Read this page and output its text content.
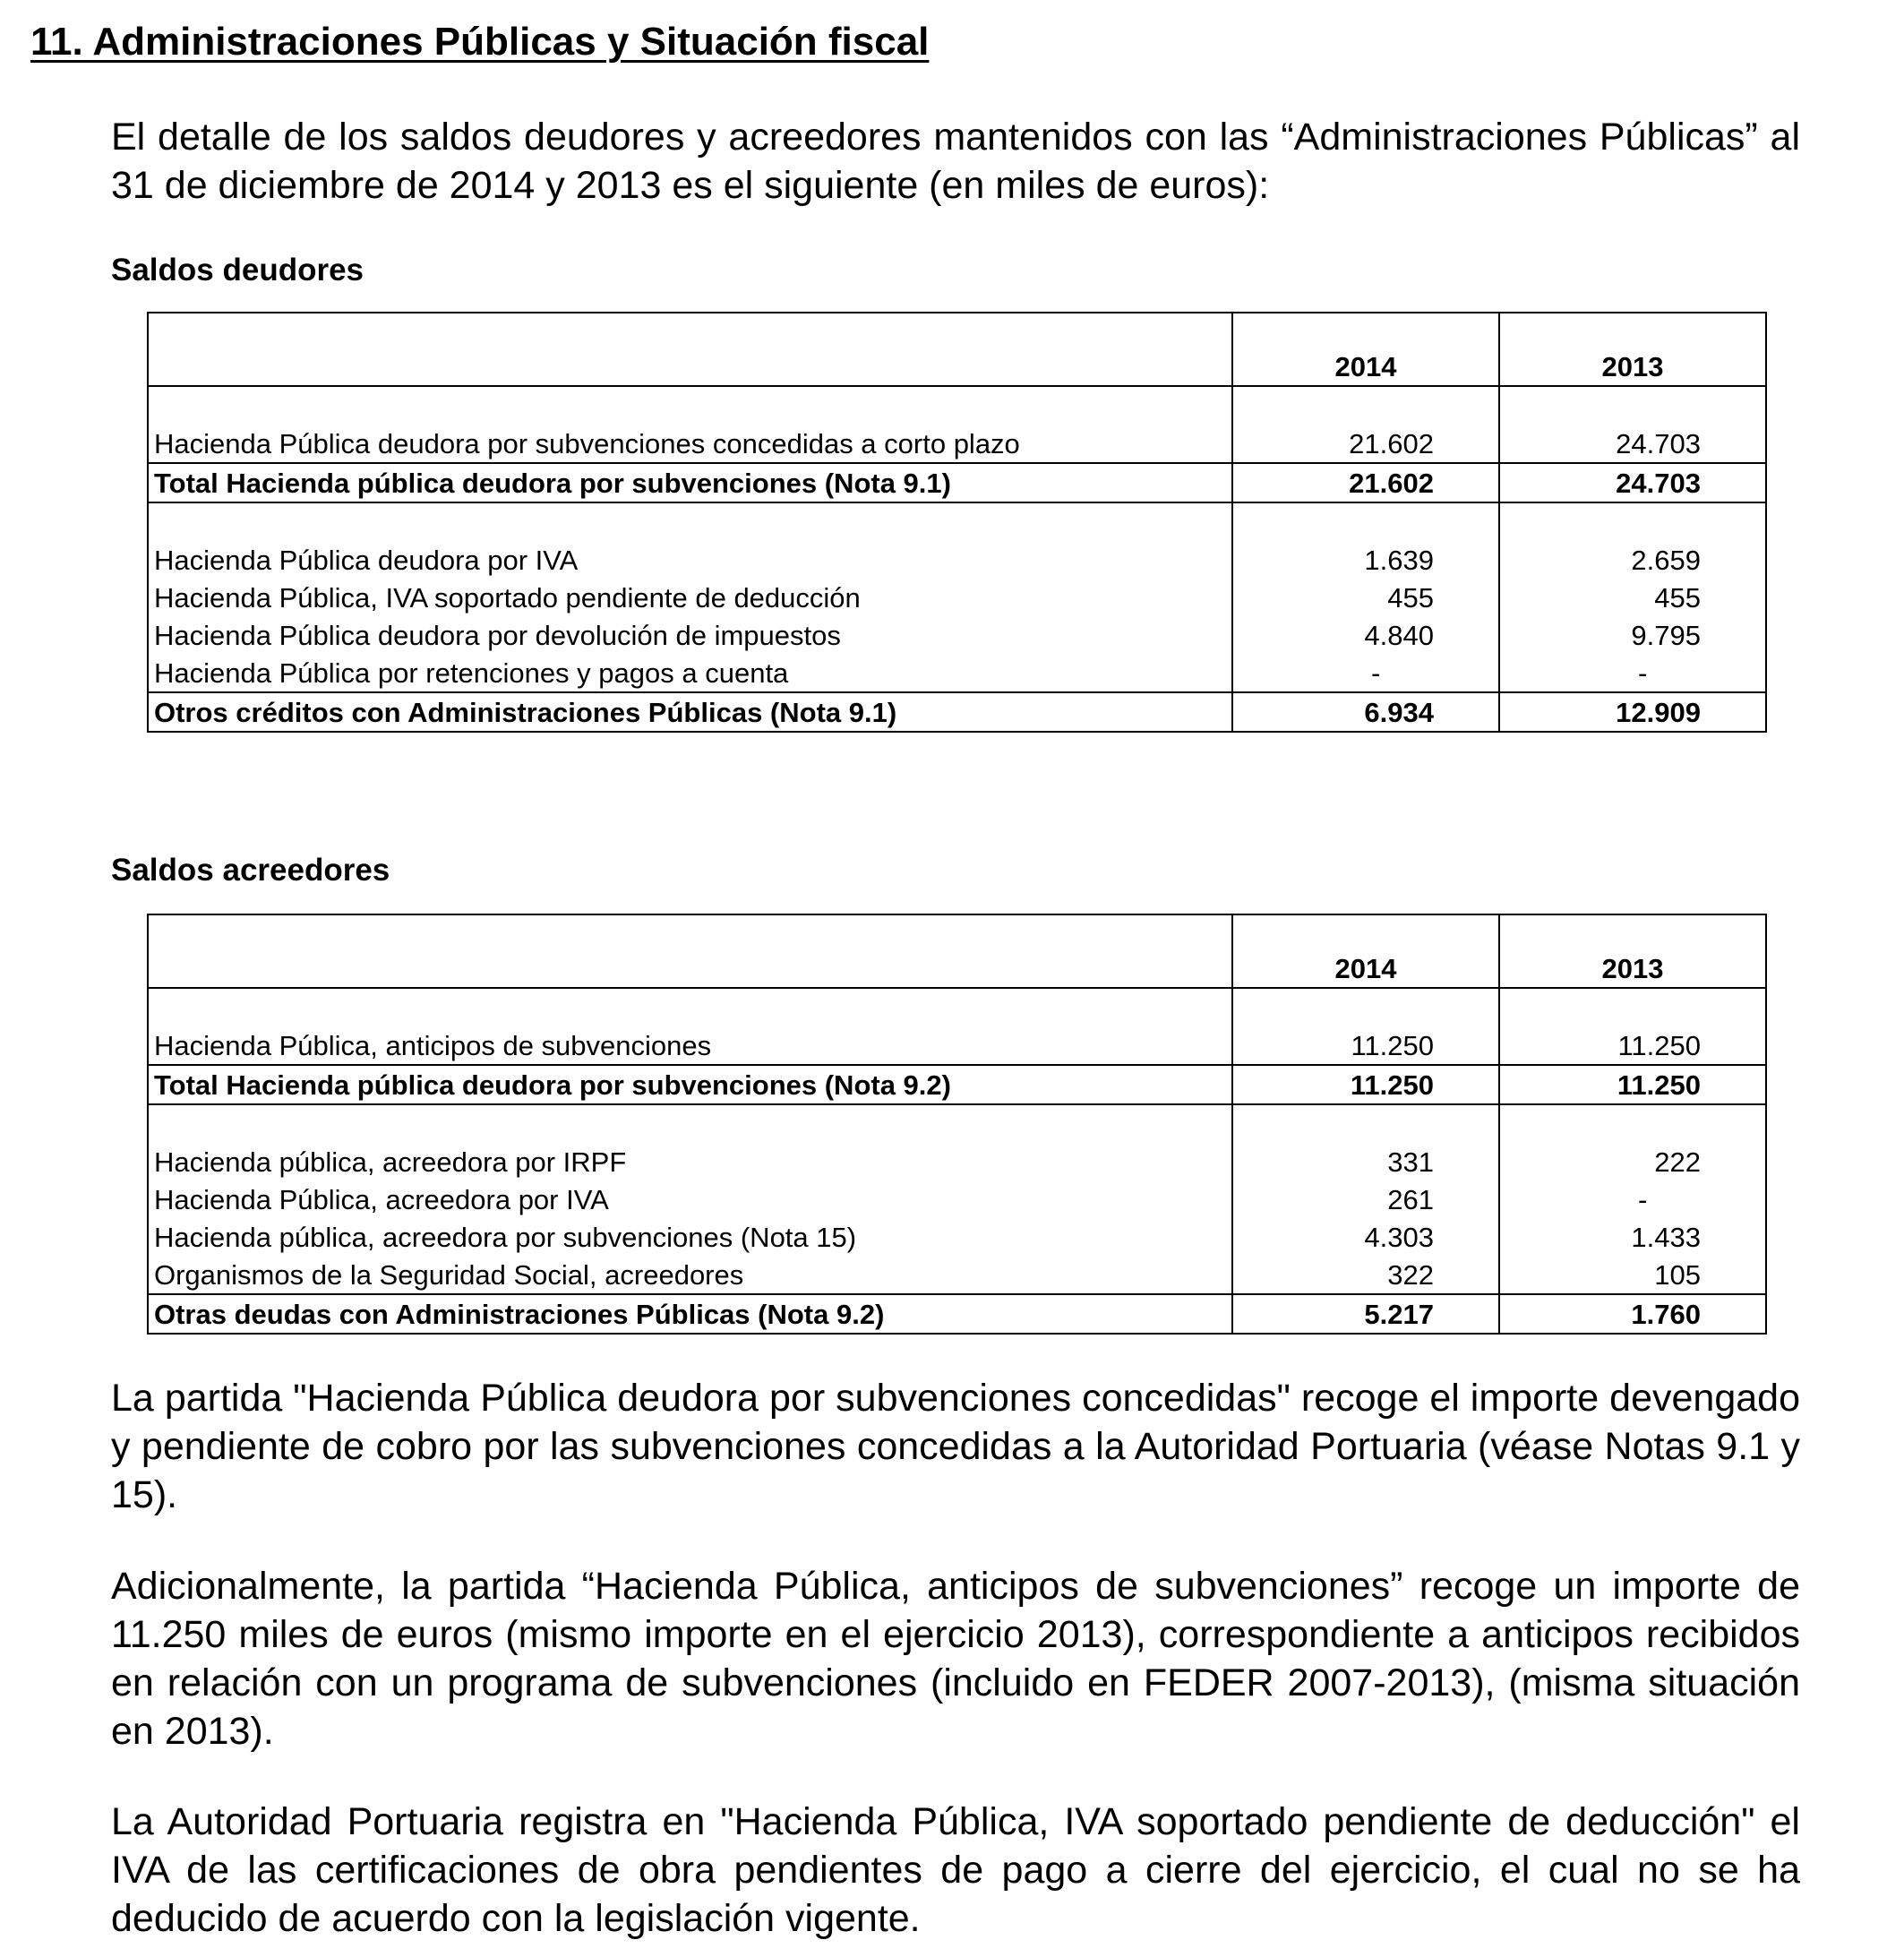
11. Administraciones Públicas y Situación fiscal
El detalle de los saldos deudores y acreedores mantenidos con las “Administraciones Públicas” al 31 de diciembre de 2014 y 2013 es el siguiente (en miles de euros):
Saldos deudores
	2014	2013
Hacienda Pública deudora por subvenciones concedidas a corto plazo	21.602	24.703
Total Hacienda pública deudora por subvenciones (Nota 9.1)	21.602	24.703
Hacienda Pública deudora por IVA	1.639	2.659
Hacienda Pública, IVA soportado pendiente de deducción	455	455
Hacienda Pública deudora por devolución de impuestos	4.840	9.795
Hacienda Pública por retenciones y pagos a cuenta	-	-
Otros créditos con Administraciones Públicas (Nota 9.1)	6.934	12.909
Saldos acreedores
	2014	2013
Hacienda Pública, anticipos de subvenciones	11.250	11.250
Total Hacienda pública deudora por subvenciones (Nota 9.2)	11.250	11.250
Hacienda pública, acreedora por IRPF	331	222
Hacienda Pública, acreedora por IVA	261	-
Hacienda pública, acreedora por subvenciones (Nota 15)	4.303	1.433
Organismos de la Seguridad Social, acreedores	322	105
Otras deudas con Administraciones Públicas (Nota 9.2)	5.217	1.760
La partida "Hacienda Pública deudora por subvenciones concedidas" recoge el importe devengado y pendiente de cobro por las subvenciones concedidas a la Autoridad Portuaria (véase Notas 9.1 y 15).
Adicionalmente, la partida “Hacienda Pública, anticipos de subvenciones” recoge un importe de 11.250 miles de euros (mismo importe en el ejercicio 2013), correspondiente a anticipos recibidos en relación con un programa de subvenciones (incluido en FEDER 2007-2013), (misma situación en 2013).
La Autoridad Portuaria registra en "Hacienda Pública, IVA soportado pendiente de deducción" el IVA de las certificaciones de obra pendientes de pago a cierre del ejercicio, el cual no se ha deducido de acuerdo con la legislación vigente.
